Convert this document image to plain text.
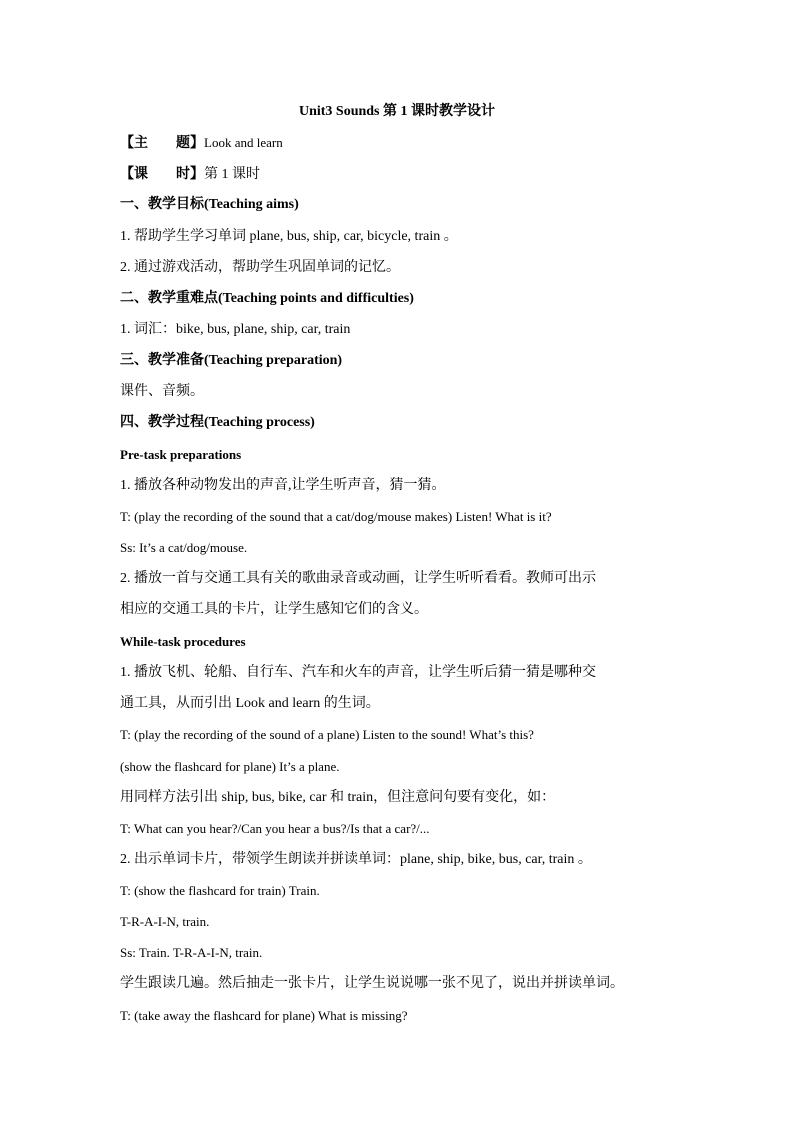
Unit3 Sounds 第 1 课时教学设计
【主　　题】Look and learn
【课　　时】第 1 课时
一、教学目标(Teaching aims)
1. 帮助学生学习单词 plane, bus, ship, car, bicycle, train 。
2. 通过游戏活动，帮助学生巩固单词的记忆。
二、教学重难点(Teaching points and difficulties)
1. 词汇：bike, bus, plane, ship, car, train
三、教学准备(Teaching preparation)
课件、音频。
四、教学过程(Teaching process)
Pre-task preparations
1. 播放各种动物发出的声音,让学生听声音，猜一猜。
T: (play the recording of the sound that a cat/dog/mouse makes) Listen! What is it?
Ss: It’s a cat/dog/mouse.
2. 播放一首与交通工具有关的歌曲录音或动画，让学生听听看看。教师可出示
相应的交通工具的卡片，让学生感知它们的含义。
While-task procedures
1. 播放飞机、轮船、自行车、汽车和火车的声音，让学生听后猜一猜是哪种交
通工具，从而引出 Look and learn 的生词。
T: (play the recording of the sound of a plane) Listen to the sound! What’s this?
(show the flashcard for plane) It’s a plane.
用同样方法引出 ship, bus, bike, car 和 train，但注意问句要有变化，如：
T: What can you hear?/Can you hear a bus?/Is that a car?/...
2. 出示单词卡片，带领学生朗读并拼读单词：plane, ship, bike, bus, car, train 。
T: (show the flashcard for train) Train.
T-R-A-I-N, train.
Ss: Train. T-R-A-I-N, train.
学生跟读几遍。然后抽走一张卡片，让学生说说哪一张不见了，说出并拼读单词。
T: (take away the flashcard for plane) What is missing?
